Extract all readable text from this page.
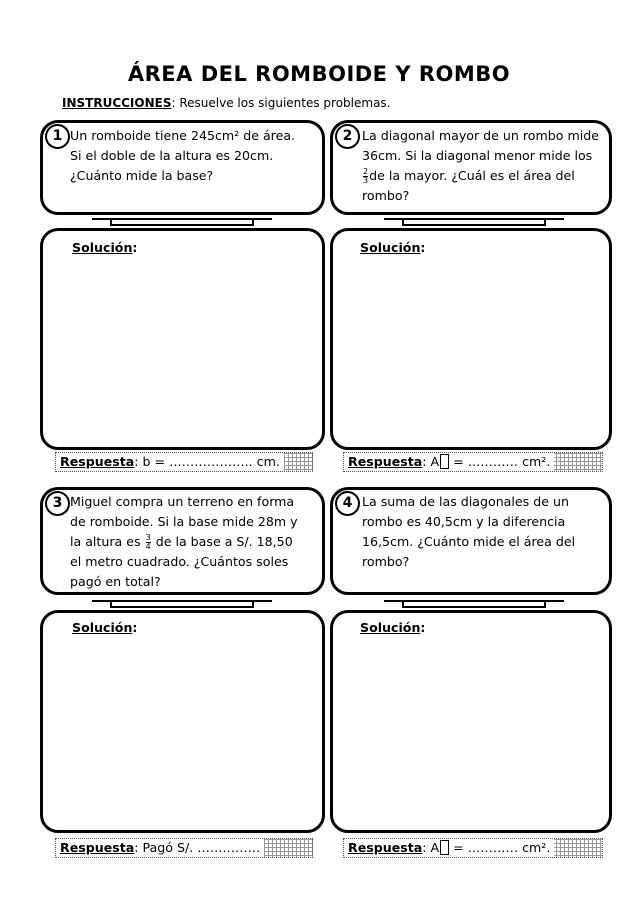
ÁREA DEL ROMBOIDE Y ROMBO
INSTRUCCIONES: Resuelve los siguientes problemas.
1 Un romboide tiene 245cm² de área.
Si el doble de la altura es 20cm.
¿Cuánto mide la base?
Solución:
Respuesta: b = ……………….. cm.
2 La diagonal mayor de un rombo mide
36cm. Si la diagonal menor mide los
$\frac{2}{3}$ de la mayor. ¿Cuál es el área del
rombo?
Solución:
Respuesta: A = ………… cm².
3 Miguel compra un terreno en forma
de romboide. Si la base mide 28m y
la altura es $\frac{3}{4}$ de la base a S/. 18,50
el metro cuadrado. ¿Cuántos soles
pagó en total?
Solución:
Respuesta: Pagó S/. ……………
4 La suma de las diagonales de un
rombo es 40,5cm y la diferencia
16,5cm. ¿Cuánto mide el área del
rombo?
Solución:
Respuesta: A = ………… cm².
